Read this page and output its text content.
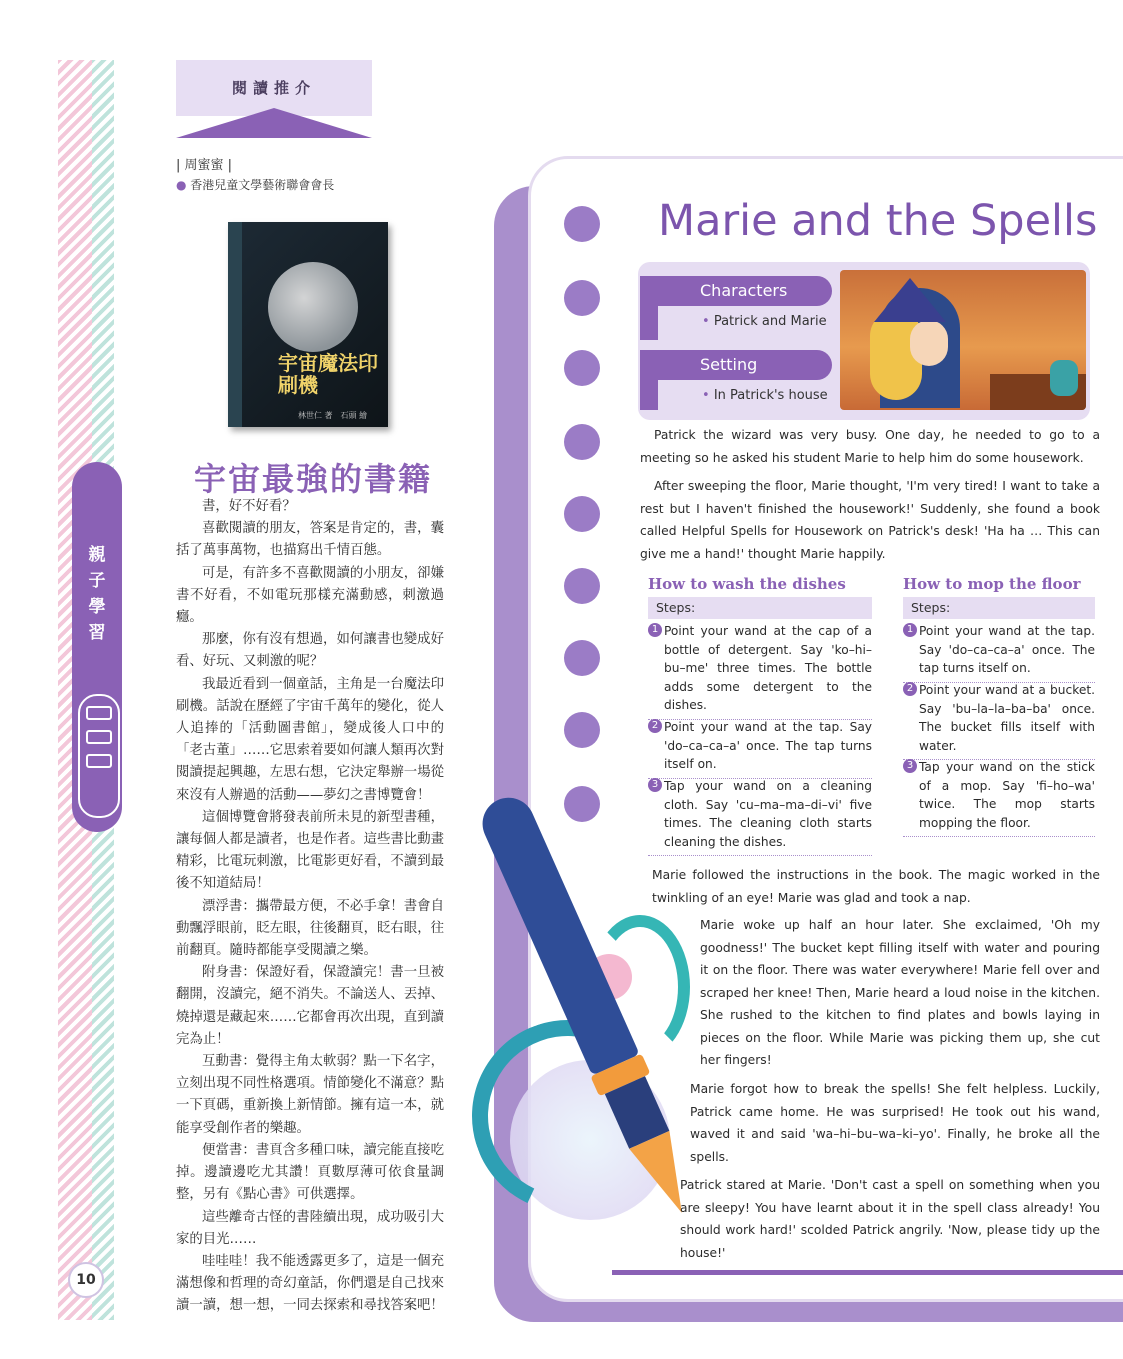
親子學習
10
閱讀推介
| 周蜜蜜 |
● 香港兒童文學藝術聯會會長
宇宙魔法印刷機
林世仁 著　石頭 繪
宇宙最強的書籍

書，好不好看？

喜歡閱讀的朋友，答案是肯定的，書，囊括了萬事萬物，也描寫出千情百態。

可是，有許多不喜歡閱讀的小朋友，卻嫌書不好看，不如電玩那樣充滿動感，刺激過癮。

那麼，你有沒有想過，如何讓書也變成好看、好玩、又刺激的呢？

我最近看到一個童話，主角是一台魔法印刷機。話說在歷經了宇宙千萬年的變化，從人人追捧的「活動圖書館」，變成後人口中的「老古董」……它思索着要如何讓人類再次對閱讀提起興趣，左思右想，它決定舉辦一場從來沒有人辦過的活動——夢幻之書博覽會！

這個博覽會將發表前所未見的新型書種，讓每個人都是讀者，也是作者。這些書比動畫精彩，比電玩刺激，比電影更好看，不讀到最後不知道結局！

漂浮書：攜帶最方便，不必手拿！書會自動飄浮眼前，眨左眼，往後翻頁，眨右眼，往前翻頁。隨時都能享受閱讀之樂。

附身書：保證好看，保證讀完！書一旦被翻開，沒讀完，絕不消失。不論送人、丟掉、燒掉還是藏起來……它都會再次出現，直到讀完為止！

互動書：覺得主角太軟弱？點一下名字，立刻出現不同性格選項。情節變化不滿意？點一下頁碼，重新換上新情節。擁有這一本，就能享受創作者的樂趣。

便當書：書頁含多種口味，讀完能直接吃掉。邊讀邊吃尤其讚！頁數厚薄可依食量調整，另有《點心書》可供選擇。

這些離奇古怪的書陸續出現，成功吸引大家的目光……

哇哇哇！我不能透露更多了，這是一個充滿想像和哲理的奇幻童話，你們還是自己找來讀一讀，想一想，一同去探索和尋找答案吧！

Marie and the Spells
Characters
• Patrick and Marie
Setting
• In Patrick's house

Patrick the wizard was very busy. One day, he needed to go to a meeting so he asked his student Marie to help him do some housework.

After sweeping the floor, Marie thought, 'I'm very tired! I want to take a rest but I haven't finished the housework!' Suddenly, she found a book called Helpful Spells for Housework on Patrick's desk! 'Ha ha … This can give me a hand!' thought Marie happily.

How to wash the dishes
Steps:
1 Point your wand at the cap of a bottle of detergent. Say 'ko–hi–bu–me' three times. The bottle adds some detergent to the dishes.
2 Point your wand at the tap. Say 'do–ca–ca–a' once. The tap turns itself on.
3 Tap your wand on a cleaning cloth. Say 'cu–ma–ma–di–vi' five times. The cleaning cloth starts cleaning the dishes.
How to mop the floor
Steps:
1 Point your wand at the tap. Say 'do–ca–ca–a' once. The tap turns itself on.
2 Point your wand at a bucket. Say 'bu–la–la–ba–ba' once. The bucket fills itself with water.
3 Tap your wand on the stick of a mop. Say 'fi–ho–wa' twice. The mop starts mopping the floor.

Marie followed the instructions in the book. The magic worked in the twinkling of an eye! Marie was glad and took a nap.

Marie woke up half an hour later. She exclaimed, 'Oh my goodness!' The bucket kept filling itself with water and pouring it on the floor. There was water everywhere! Marie fell over and scraped her knee! Then, Marie heard a loud noise in the kitchen. She rushed to the kitchen to find plates and bowls laying in pieces on the floor. While Marie was picking them up, she cut her fingers!

Marie forgot how to break the spells! She felt helpless. Luckily, Patrick came home. He was surprised! He took out his wand, waved it and said 'wa–hi–bu–wa–ki–yo'. Finally, he broke all the spells.

Patrick stared at Marie. 'Don't cast a spell on something when you are sleepy! You have learnt about it in the spell class already! You should work hard!' scolded Patrick angrily. 'Now, please tidy up the house!'
